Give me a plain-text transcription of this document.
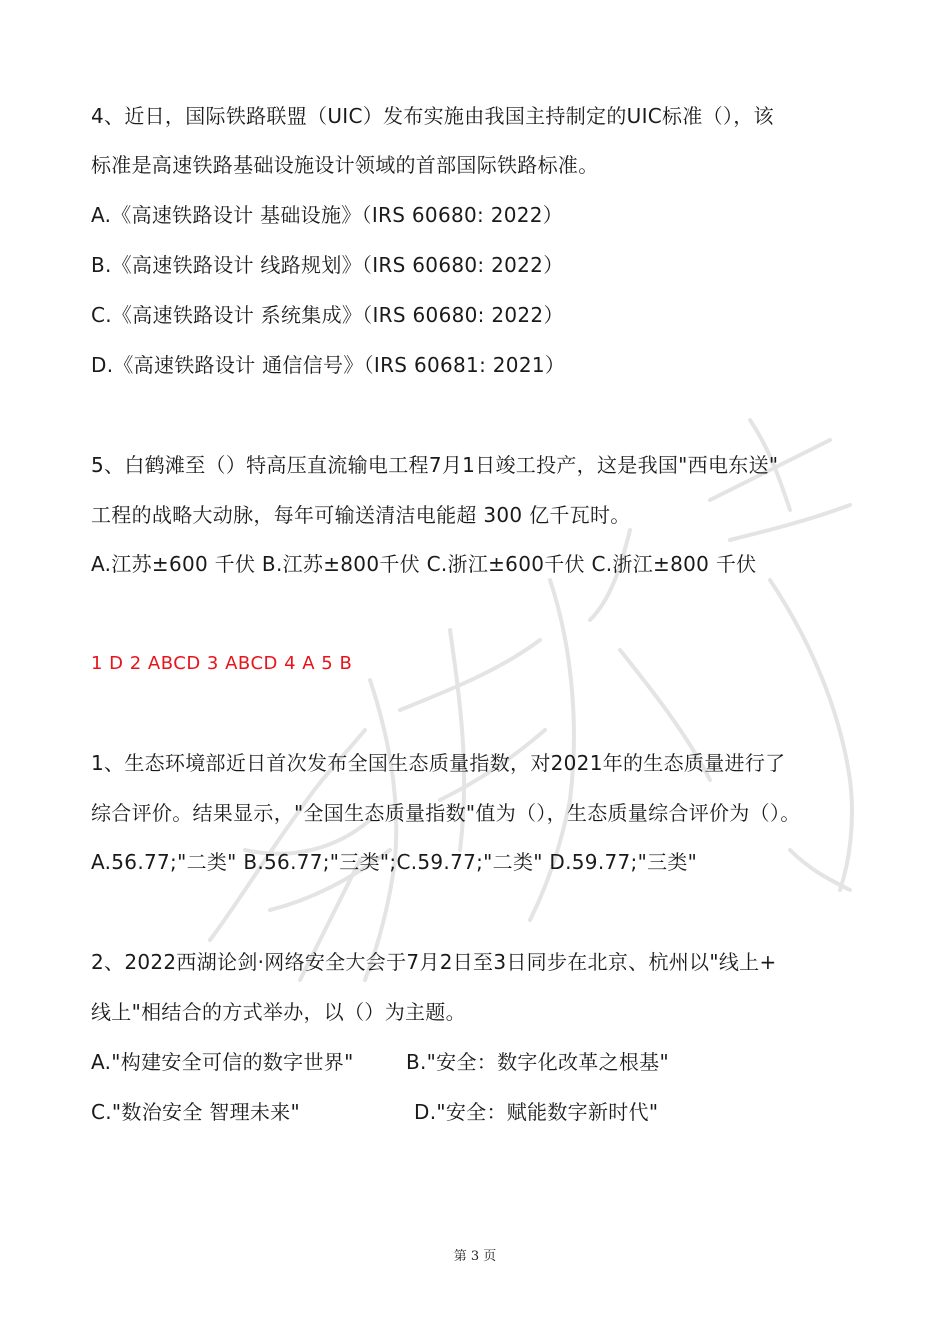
4、近日，国际铁路联盟（UIC）发布实施由我国主持制定的UIC标准（），该
标准是高速铁路基础设施设计领域的首部国际铁路标准。
A.《高速铁路设计 基础设施》（IRS 60680: 2022）
B.《高速铁路设计 线路规划》（IRS 60680: 2022）
C.《高速铁路设计 系统集成》（IRS 60680: 2022）
D.《高速铁路设计 通信信号》（IRS 60681: 2021）
5、白鹤滩至（）特高压直流输电工程7月1日竣工投产，这是我国"西电东送"
工程的战略大动脉，每年可输送清洁电能超 300 亿千瓦时。
A.江苏±600 千伏 B.江苏±800千伏 C.浙江±600千伏 C.浙江±800 千伏
1 D 2 ABCD 3 ABCD 4 A 5 B
1、生态环境部近日首次发布全国生态质量指数，对2021年的生态质量进行了
综合评价。结果显示，"全国生态质量指数"值为（），生态质量综合评价为（）。
A.56.77;"二类" B.56.77;"三类";C.59.77;"二类" D.59.77;"三类"
2、2022西湖论剑·网络安全大会于7月2日至3日同步在北京、杭州以"线上+
线上"相结合的方式举办，以（）为主题。
A."构建安全可信的数字世界"	B."安全：数字化改革之根基"
C."数治安全 智理未来"	D."安全：赋能数字新时代"
第 3 页
